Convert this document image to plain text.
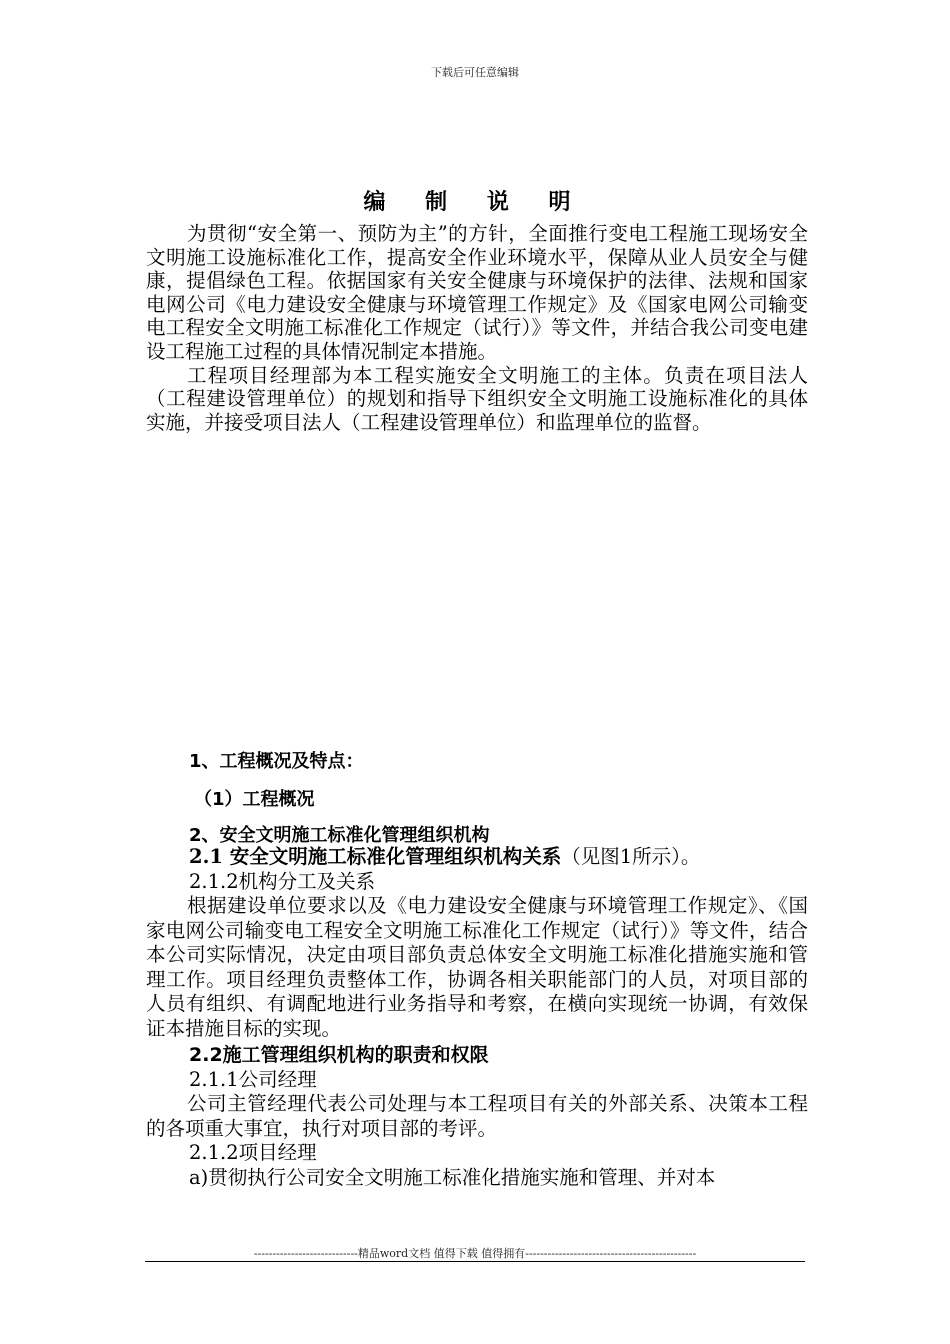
下载后可任意编辑
编 制 说 明

为贯彻“安全第一、预防为主”的方针，全面推行变电工程施工现场安全文明施工设施标准化工作，提高安全作业环境水平，保障从业人员安全与健康，提倡绿色工程。依据国家有关安全健康与环境保护的法律、法规和国家电网公司《电力建设安全健康与环境管理工作规定》及《国家电网公司输变电工程安全文明施工标准化工作规定（试行）》等文件，并结合我公司变电建设工程施工过程的具体情况制定本措施。

工程项目经理部为本工程实施安全文明施工的主体。负责在项目法人（工程建设管理单位）的规划和指导下组织安全文明施工设施标准化的具体实施，并接受项目法人（工程建设管理单位）和监理单位的监督。

1、工程概况及特点：

（1）工程概况

2、安全文明施工标准化管理组织机构

2.1 安全文明施工标准化管理组织机构关系（见图1所示）。

2.1.2机构分工及关系

根据建设单位要求以及《电力建设安全健康与环境管理工作规定》、《国家电网公司输变电工程安全文明施工标准化工作规定（试行）》等文件，结合本公司实际情况，决定由项目部负责总体安全文明施工标准化措施实施和管理工作。项目经理负责整体工作，协调各相关职能部门的人员，对项目部的人员有组织、有调配地进行业务指导和考察，在横向实现统一协调，有效保证本措施目标的实现。

2.2施工管理组织机构的职责和权限

2.1.1公司经理

公司主管经理代表公司处理与本工程项目有关的外部关系、决策本工程的各项重大事宜，执行对项目部的考评。

2.1.2项目经理

a)贯彻执行公司安全文明施工标准化措施实施和管理、并对本

----------------------------精品word文档 值得下载 值得拥有----------------------------------------------
